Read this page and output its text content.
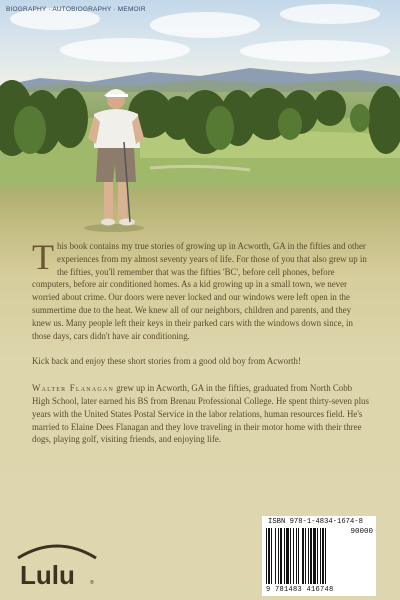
BIOGRAPHY · AUTOBIOGRAPHY · MEMOIR

This book contains my true stories of growing up in Acworth, GA in the fifties and other experiences from my almost seventy years of life. For those of you that also grew up in the fifties, you'll remember that was the fifties 'BC', before cell phones, before computers, before air conditioned homes. As a kid growing up in a small town, we never worried about crime. Our doors were never locked and our windows were left open in the summertime due to the heat. We knew all of our neighbors, children and parents, and they knew us. Many people left their keys in their parked cars with the windows down since, in those days, cars didn't have air conditioning.

Kick back and enjoy these short stories from a good old boy from Acworth!

Walter Flanagan grew up in Acworth, GA in the fifties, graduated from North Cobb High School, later earned his BS from Brenau Professional College. He spent thirty-seven plus years with the United States Postal Service in the labor relations, human resources field. He's married to Elaine Dees Flanagan and they love traveling in their motor home with their three dogs, playing golf, visiting friends, and enjoying life.

ISBN 978-1-4834-1674-8
90000
9 781483 416748
Lulu	®
